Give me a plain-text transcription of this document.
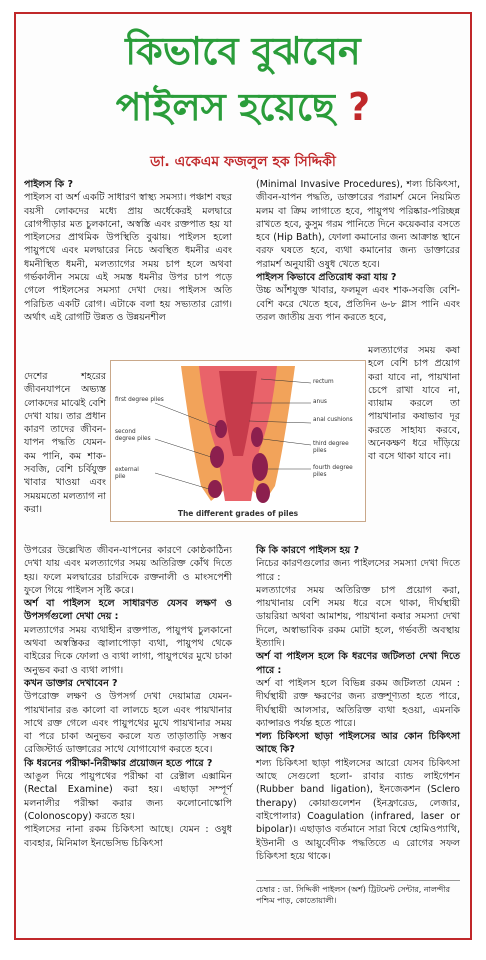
কিভাবে বুঝবেন
পাইলস হয়েছে ?
ডা. একেএম ফজলুল হক সিদ্দিকী

পাইলস কি ?

পাইলস বা অর্শ একটি সাধারণ স্বাস্থ্য সমস্যা। পঞ্চাশ বছর বয়সী লোকদের মধ্যে প্রায় অর্ধেকেরই মলদ্বারে রোগপীড়ার মত চুলকানো, অস্বস্তি এবং রক্তপাত হয় যা পাইলসের প্রাথমিক উপস্থিতি বুঝায়। পাইলস হলো পায়ুপথে এবং মলদ্বারের নিচে অবস্থিত ধমনীর এবং ধমনীস্থিত ধমনী, মলত্যাগের সময় চাপ হলে অথবা গর্ভকালীন সময়ে এই সমস্ত ধমনীর উপর চাপ পড়ে গেলে পাইলসের সমস্যা দেখা দেয়। পাইলস অতি পরিচিত একটি রোগ। এটাকে বলা হয় সভ্যতার রোগ। অর্থাৎ এই রোগটি উন্নত ও উন্নয়নশীল

দেশের শহরের জীবনযাপনে অভ্যস্ত লোকদের মাঝেই বেশি দেখা যায়। তার প্রধান কারণ তাদের জীবন-যাপন পদ্ধতি যেমন- কম পানি, কম শাক-সবজি, বেশি চর্বিযুক্ত খাবার খাওয়া এবং সময়মতো মলত্যাগ না করা।

উপরের উল্লেখিত জীবন-যাপনের কারণে কোষ্ঠকাঠিন্য দেখা যায় এবং মলত্যাগের সময় অতিরিক্ত কোঁথ দিতে হয়। ফলে মলদ্বারের চারদিকে রক্তনালী ও মাংসপেশী ফুলে গিয়ে পাইলস সৃষ্টি করে।

অর্শ বা পাইলস হলে সাধারণত যেসব লক্ষণ ও উপসর্গগুলো দেখা দেয় :

মলত্যাগের সময় ব্যথাহীন রক্তপাত, পায়ুপথ চুলকানো অথবা অস্বস্তিকর জ্বালাপোড়া ব্যথা, পায়ুপথ থেকে বাইরের দিকে ফোলা ও ব্যথা লাগা, পায়ুপথের মুখে চাকা অনুভব করা ও ব্যথা লাগা।

কখন ডাক্তার দেখাবেন ?

উপরোক্ত লক্ষণ ও উপসর্গ দেখা দেয়ামাত্র যেমন- পায়খানার রঙ কালো বা লালচে হলে এবং পায়খানার সাথে রক্ত গেলে এবং পায়ুপথের মুখে পায়খানার সময় বা পরে চাকা অনুভব করলে যত তাড়াতাড়ি সম্ভব রেজিস্টার্ড ডাক্তারের সাথে যোগাযোগ করতে হবে।

কি ধরনের পরীক্ষা-নিরীক্ষার প্রয়োজন হতে পারে ?

আঙুল দিয়ে পায়ুপথের পরীক্ষা বা রেক্টাল এক্সামিন (Rectal Examine) করা হয়। এছাড়া সম্পূর্ণ মলনালীর পরীক্ষা করার জন্য কলোনোস্কোপি (Colonoscopy) করতে হয়।

পাইলসের নানা রকম চিকিৎসা আছে। যেমন : ওষুধ ব্যবহার, মিনিমাল ইনভেসিভ চিকিৎসা

(Minimal Invasive Procedures), শল্য চিকিৎসা, জীবন-যাপন পদ্ধতি, ডাক্তারের পরামর্শ মেনে নিয়মিত মলম বা ক্রিম লাগাতে হবে, পায়ুপথ পরিষ্কার-পরিচ্ছন্ন রাখতে হবে, কুসুম গরম পানিতে দিনে কয়েকবার বসতে হবে (Hip Bath), ফোলা কমানোর জন্য আক্রান্ত স্থানে বরফ ঘষতে হবে, ব্যথা কমানোর জন্য ডাক্তারের পরামর্শ অনুযায়ী ওষুধ খেতে হবে।

পাইলস কিভাবে প্রতিরোধ করা যায় ?

উচ্চ আঁশযুক্ত খাবার, ফলমূল এবং শাক-সবজি বেশি-বেশি করে খেতে হবে, প্রতিদিন ৬-৮ গ্লাস পানি এবং তরল জাতীয় দ্রব্য পান করতে হবে,

মলত্যাগের সময় কষা হলে বেশি চাপ প্রয়োগ করা যাবে না, পায়খানা চেপে রাখা যাবে না, ব্যায়াম করলে তা পায়খানার কষাভাব দূর করতে সাহায্য করবে, অনেকক্ষণ ধরে দাঁড়িয়ে বা বসে থাকা যাবে না।

কি কি কারণে পাইলস হয় ?

নিচের কারণগুলোর জন্য পাইলসের সমস্যা দেখা দিতে পারে :

মলত্যাগের সময় অতিরিক্ত চাপ প্রয়োগ করা, পায়খানায় বেশি সময় ধরে বসে থাকা, দীর্ঘস্থায়ী ডায়রিয়া অথবা আমাশয়, পায়খানা কষার সমস্যা দেখা দিলে, অস্বাভাবিক রকম মোটা হলে, গর্ভবতী অবস্থায় ইত্যাদি।

অর্শ বা পাইলস হলে কি ধরণের জটিলতা দেখা দিতে পারে :

অর্শ বা পাইলস হলে বিভিন্ন রকম জটিলতা যেমন : দীর্ঘস্থায়ী রক্ত ক্ষরণের জন্য রক্তশূণ্যতা হতে পারে, দীর্ঘস্থায়ী আলসার, অতিরিক্ত ব্যথা হওয়া, এমনকি ক্যান্সারও পর্যন্ত হতে পারে।

শল্য চিকিৎসা ছাড়া পাইলসের আর কোন চিকিৎসা আছে কি?

শল্য চিকিৎসা ছাড়া পাইলসের আরো যেসব চিকিৎসা আছে সেগুলো হলো- রাবার ব্যান্ড লাইগেশন (Rubber band ligation), ইনজেকশন (Sclero therapy) কোয়াগুলেশন (ইনফ্রারেড, লেজার, বাইপোলার) Coagulation (infrared, laser or bipolar)। এছাড়াও বর্তমানে সারা বিশ্বে হোমিওপ্যাথি, ইউনানী ও আয়ুর্বেদীক পদ্ধতিতে এ রোগের সফল চিকিৎসা হয়ে থাকে।

চেম্বার : ডা. সিদ্দিকী পাইলস (অর্শ) ট্রিটমেন্ট সেন্টার, নালন্দীর পশ্চিম পাড়, কোতোয়ালী।
first degree piles
second degree piles
external pile
rectum
anus
anal cushions
third degree piles
fourth degree piles
The different grades of piles
